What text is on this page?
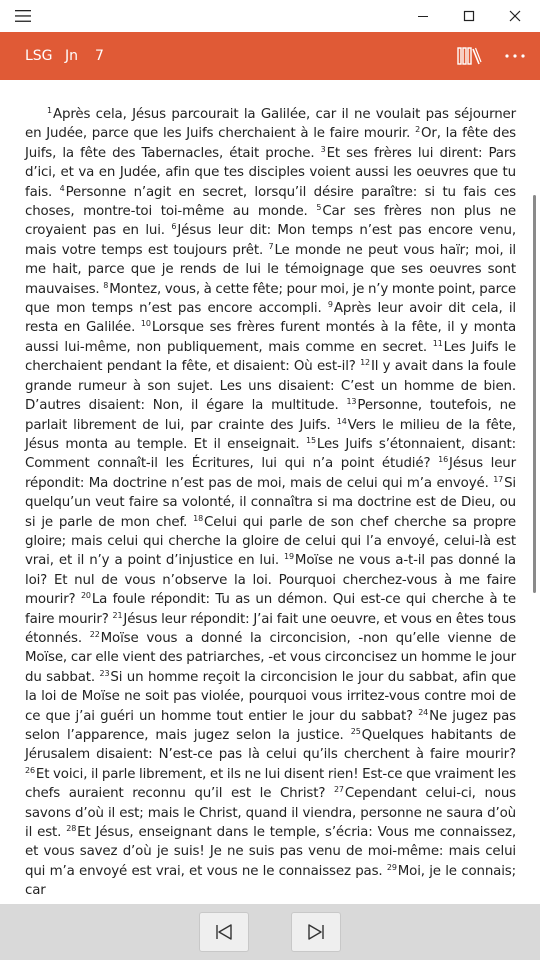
LSG Jn 7
$^1$Après cela, Jésus parcourait la Galilée, car il ne voulait pas séjourner en Judée, parce que les Juifs cherchaient à le faire mourir. $^2$Or, la fête des Juifs, la fête des Tabernacles, était proche. $^3$Et ses frères lui dirent: Pars d’ici, et va en Judée, afin que tes disciples voient aussi les oeuvres que tu fais. $^4$Personne n’agit en secret, lorsqu’il désire paraître: si tu fais ces choses, montre-toi toi-même au monde. $^5$Car ses frères non plus ne croyaient pas en lui. $^6$Jésus leur dit: Mon temps n’est pas encore venu, mais votre temps est toujours prêt. $^7$Le monde ne peut vous haïr; moi, il me hait, parce que je rends de lui le témoignage que ses oeuvres sont mauvaises. $^8$Montez, vous, à cette fête; pour moi, je n’y monte point, parce que mon temps n’est pas encore accompli. $^9$Après leur avoir dit cela, il resta en Galilée. $^{10}$Lorsque ses frères furent montés à la fête, il y monta aussi lui-même, non publiquement, mais comme en secret. $^{11}$Les Juifs le cherchaient pendant la fête, et disaient: Où est-il? $^{12}$Il y avait dans la foule grande rumeur à son sujet. Les uns disaient: C’est un homme de bien. D’autres disaient: Non, il égare la multitude. $^{13}$Personne, toutefois, ne parlait librement de lui, par crainte des Juifs. $^{14}$Vers le milieu de la fête, Jésus monta au temple. Et il enseignait. $^{15}$Les Juifs s’étonnaient, disant: Comment connaît-il les Écritures, lui qui n’a point étudié? $^{16}$Jésus leur répondit: Ma doctrine n’est pas de moi, mais de celui qui m’a envoyé. $^{17}$Si quelqu’un veut faire sa volonté, il connaîtra si ma doctrine est de Dieu, ou si je parle de mon chef. $^{18}$Celui qui parle de son chef cherche sa propre gloire; mais celui qui cherche la gloire de celui qui l’a envoyé, celui-là est vrai, et il n’y a point d’injustice en lui. $^{19}$Moïse ne vous a-t-il pas donné la loi? Et nul de vous n’observe la loi. Pourquoi cherchez-vous à me faire mourir? $^{20}$La foule répondit: Tu as un démon. Qui est-ce qui cherche à te faire mourir? $^{21}$Jésus leur répondit: J’ai fait une oeuvre, et vous en êtes tous étonnés. $^{22}$Moïse vous a donné la circoncision, -non qu’elle vienne de Moïse, car elle vient des patriarches, -et vous circoncisez un homme le jour du sabbat. $^{23}$Si un homme reçoit la circoncision le jour du sabbat, afin que la loi de Moïse ne soit pas violée, pourquoi vous irritez-vous contre moi de ce que j’ai guéri un homme tout entier le jour du sabbat? $^{24}$Ne jugez pas selon l’apparence, mais jugez selon la justice. $^{25}$Quelques habitants de Jérusalem disaient: N’est-ce pas là celui qu’ils cherchent à faire mourir? $^{26}$Et voici, il parle librement, et ils ne lui disent rien! Est-ce que vraiment les chefs auraient reconnu qu’il est le Christ? $^{27}$Cependant celui-ci, nous savons d’où il est; mais le Christ, quand il viendra, personne ne saura d’où il est. $^{28}$Et Jésus, enseignant dans le temple, s’écria: Vous me connaissez, et vous savez d’où je suis! Je ne suis pas venu de moi-même: mais celui qui m’a envoyé est vrai, et vous ne le connaissez pas. $^{29}$Moi, je le connais; car
